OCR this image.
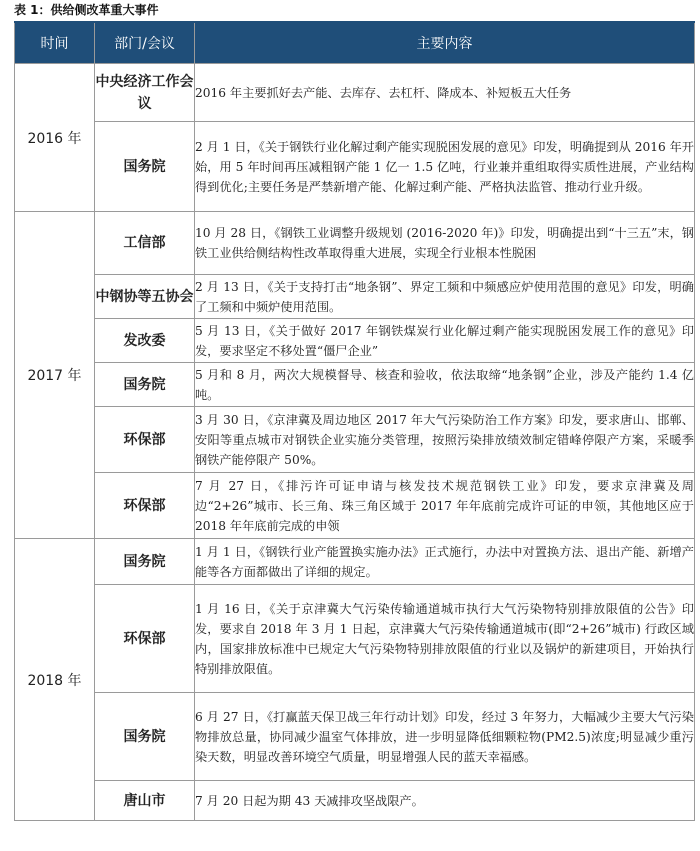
表 1：供给侧改革重大事件
时间	部门/会议	主要内容
2016 年	中央经济工作会议	2016 年主要抓好去产能、去库存、去杠杆、降成本、补短板五大任务
	国务院	2 月 1 日，《关于钢铁行业化解过剩产能实现脱困发展的意见》印发，明确提到从 2016 年开始，用 5 年时间再压减粗钢产能 1 亿一 1.5 亿吨，行业兼并重组取得实质性进展，产业结构得到优化;主要任务是严禁新增产能、化解过剩产能、严格执法监管、推动行业升级。
2017 年	工信部	10 月 28 日，《钢铁工业调整升级规划 (2016-2020 年)》印发，明确提出到“十三五”末，钢铁工业供给侧结构性改革取得重大进展，实现全行业根本性脱困
	中钢协等五协会	2 月 13 日，《关于支持打击“地条钢”、界定工频和中频感应炉使用范围的意见》印发，明确了工频和中频炉使用范围。
	发改委	5 月 13 日，《关于做好 2017 年钢铁煤炭行业化解过剩产能实现脱困发展工作的意见》印发，要求坚定不移处置“僵尸企业”
	国务院	5 月和 8 月，两次大规模督导、核查和验收，依法取缔“地条钢”企业，涉及产能约 1.4 亿吨。
	环保部	3 月 30 日，《京津冀及周边地区 2017 年大气污染防治工作方案》印发，要求唐山、邯郸、安阳等重点城市对钢铁企业实施分类管理，按照污染排放绩效制定错峰停限产方案，采暖季钢铁产能停限产 50%。
	环保部	7 月 27 日，《排污许可证申请与核发技术规范钢铁工业》印发，要求京津冀及周边“2+26”城市、长三角、珠三角区域于 2017 年年底前完成许可证的申领，其他地区应于 2018 年年底前完成的申领
2018 年	国务院	1 月 1 日，《钢铁行业产能置换实施办法》正式施行，办法中对置换方法、退出产能、新增产能等各方面都做出了详细的规定。
	环保部	1 月 16 日，《关于京津冀大气污染传输通道城市执行大气污染物特别排放限值的公告》印发，要求自 2018 年 3 月 1 日起，京津冀大气污染传输通道城市(即“2+26”城市) 行政区域内，国家排放标准中已规定大气污染物特别排放限值的行业以及锅炉的新建项目，开始执行特别排放限值。
	国务院	6 月 27 日，《打赢蓝天保卫战三年行动计划》印发，经过 3 年努力，大幅减少主要大气污染物排放总量，协同减少温室气体排放，进一步明显降低细颗粒物(PM2.5)浓度;明显减少重污染天数，明显改善环境空气质量，明显增强人民的蓝天幸福感。
	唐山市	7 月 20 日起为期 43 天减排攻坚战限产。
